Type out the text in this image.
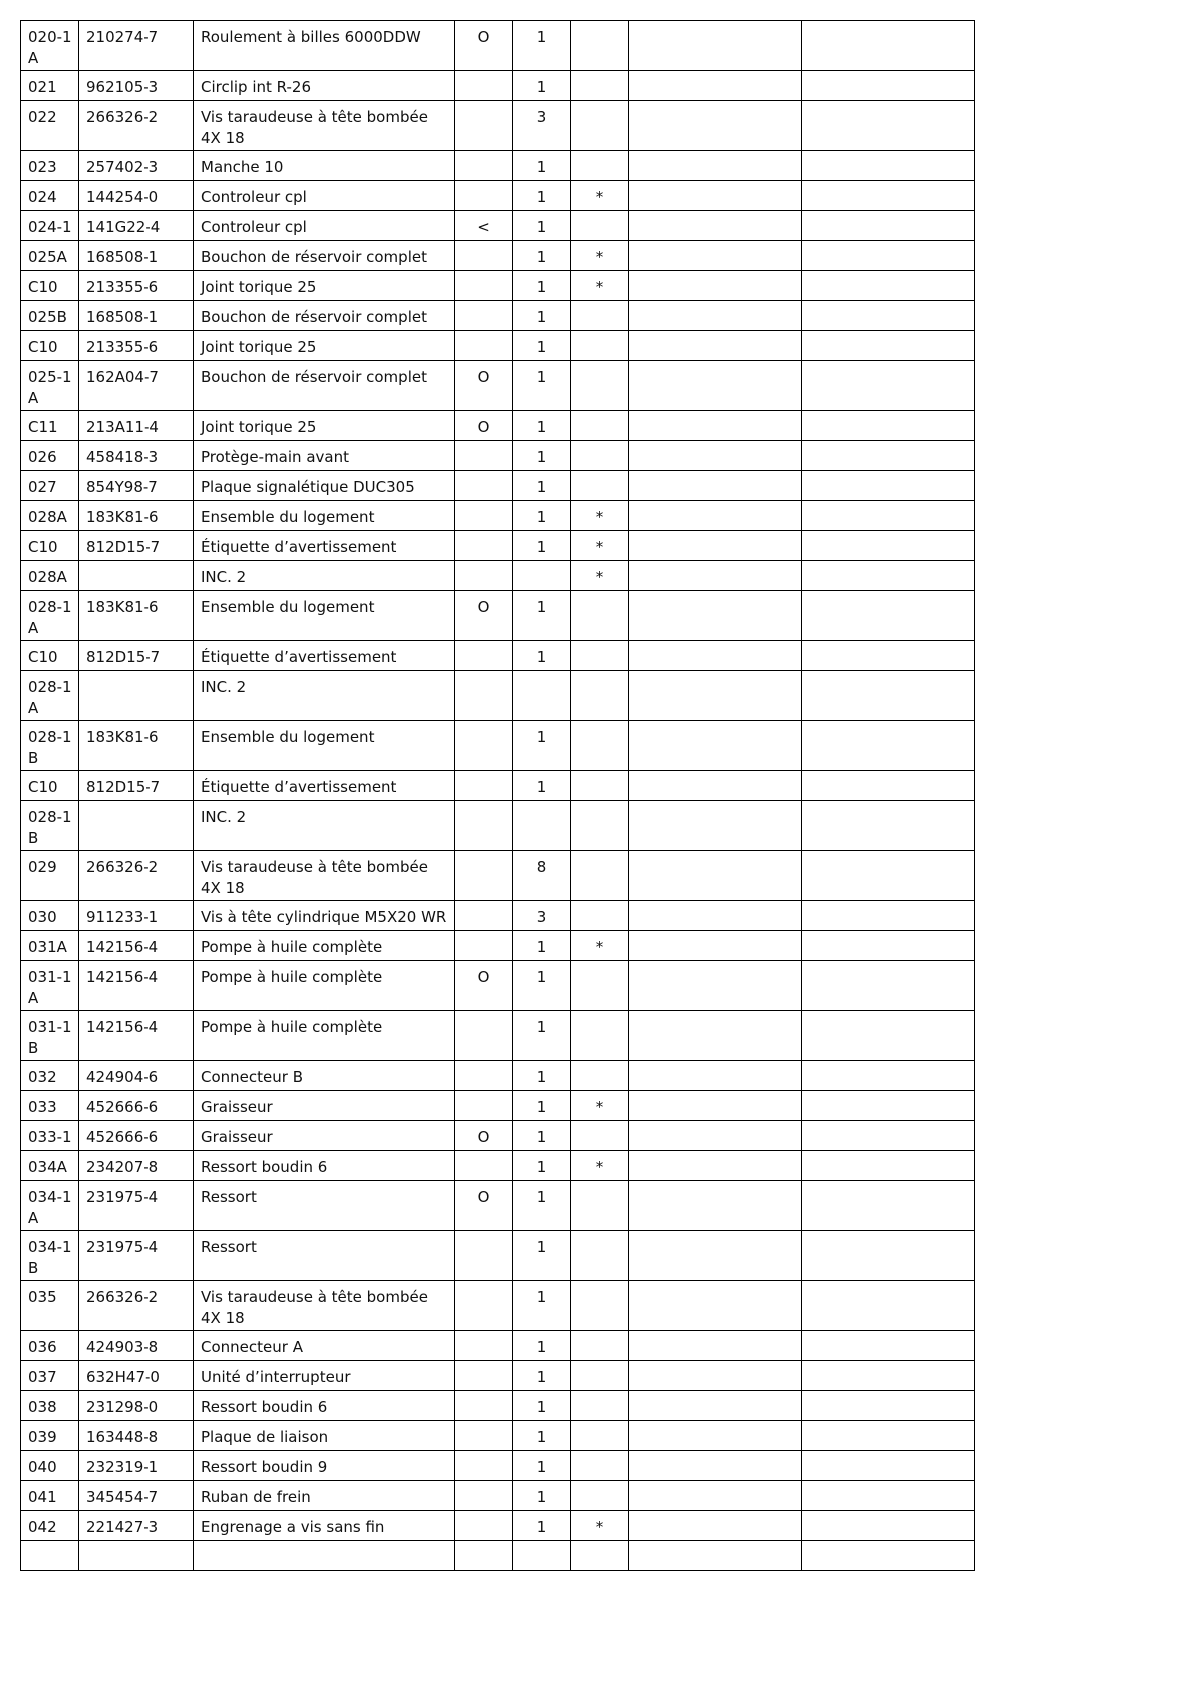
020-1 A	210274-7	Roulement à billes 6000DDW	O	1			
021	962105-3	Circlip int R-26		1			
022	266326-2	Vis taraudeuse à tête bombée 4X 18		3			
023	257402-3	Manche 10		1			
024	144254-0	Controleur cpl		1	*		
024-1	141G22-4	Controleur cpl	<	1			
025A	168508-1	Bouchon de réservoir complet		1	*		
C10	213355-6	Joint torique 25		1	*		
025B	168508-1	Bouchon de réservoir complet		1			
C10	213355-6	Joint torique 25		1			
025-1 A	162A04-7	Bouchon de réservoir complet	O	1			
C11	213A11-4	Joint torique 25	O	1			
026	458418-3	Protège-main avant		1			
027	854Y98-7	Plaque signalétique DUC305		1			
028A	183K81-6	Ensemble du logement		1	*		
C10	812D15-7	Étiquette d’avertissement		1	*		
028A		INC. 2			*		
028-1 A	183K81-6	Ensemble du logement	O	1			
C10	812D15-7	Étiquette d’avertissement		1			
028-1 A		INC. 2					
028-1 B	183K81-6	Ensemble du logement		1			
C10	812D15-7	Étiquette d’avertissement		1			
028-1 B		INC. 2					
029	266326-2	Vis taraudeuse à tête bombée 4X 18		8			
030	911233-1	Vis à tête cylindrique M5X20 WR		3			
031A	142156-4	Pompe à huile complète		1	*		
031-1 A	142156-4	Pompe à huile complète	O	1			
031-1 B	142156-4	Pompe à huile complète		1			
032	424904-6	Connecteur B		1			
033	452666-6	Graisseur		1	*		
033-1	452666-6	Graisseur	O	1			
034A	234207-8	Ressort boudin 6		1	*		
034-1 A	231975-4	Ressort	O	1			
034-1 B	231975-4	Ressort		1			
035	266326-2	Vis taraudeuse à tête bombée 4X 18		1			
036	424903-8	Connecteur A		1			
037	632H47-0	Unité d’interrupteur		1			
038	231298-0	Ressort boudin 6		1			
039	163448-8	Plaque de liaison		1			
040	232319-1	Ressort boudin 9		1			
041	345454-7	Ruban de frein		1			
042	221427-3	Engrenage a vis sans fin		1	*		
